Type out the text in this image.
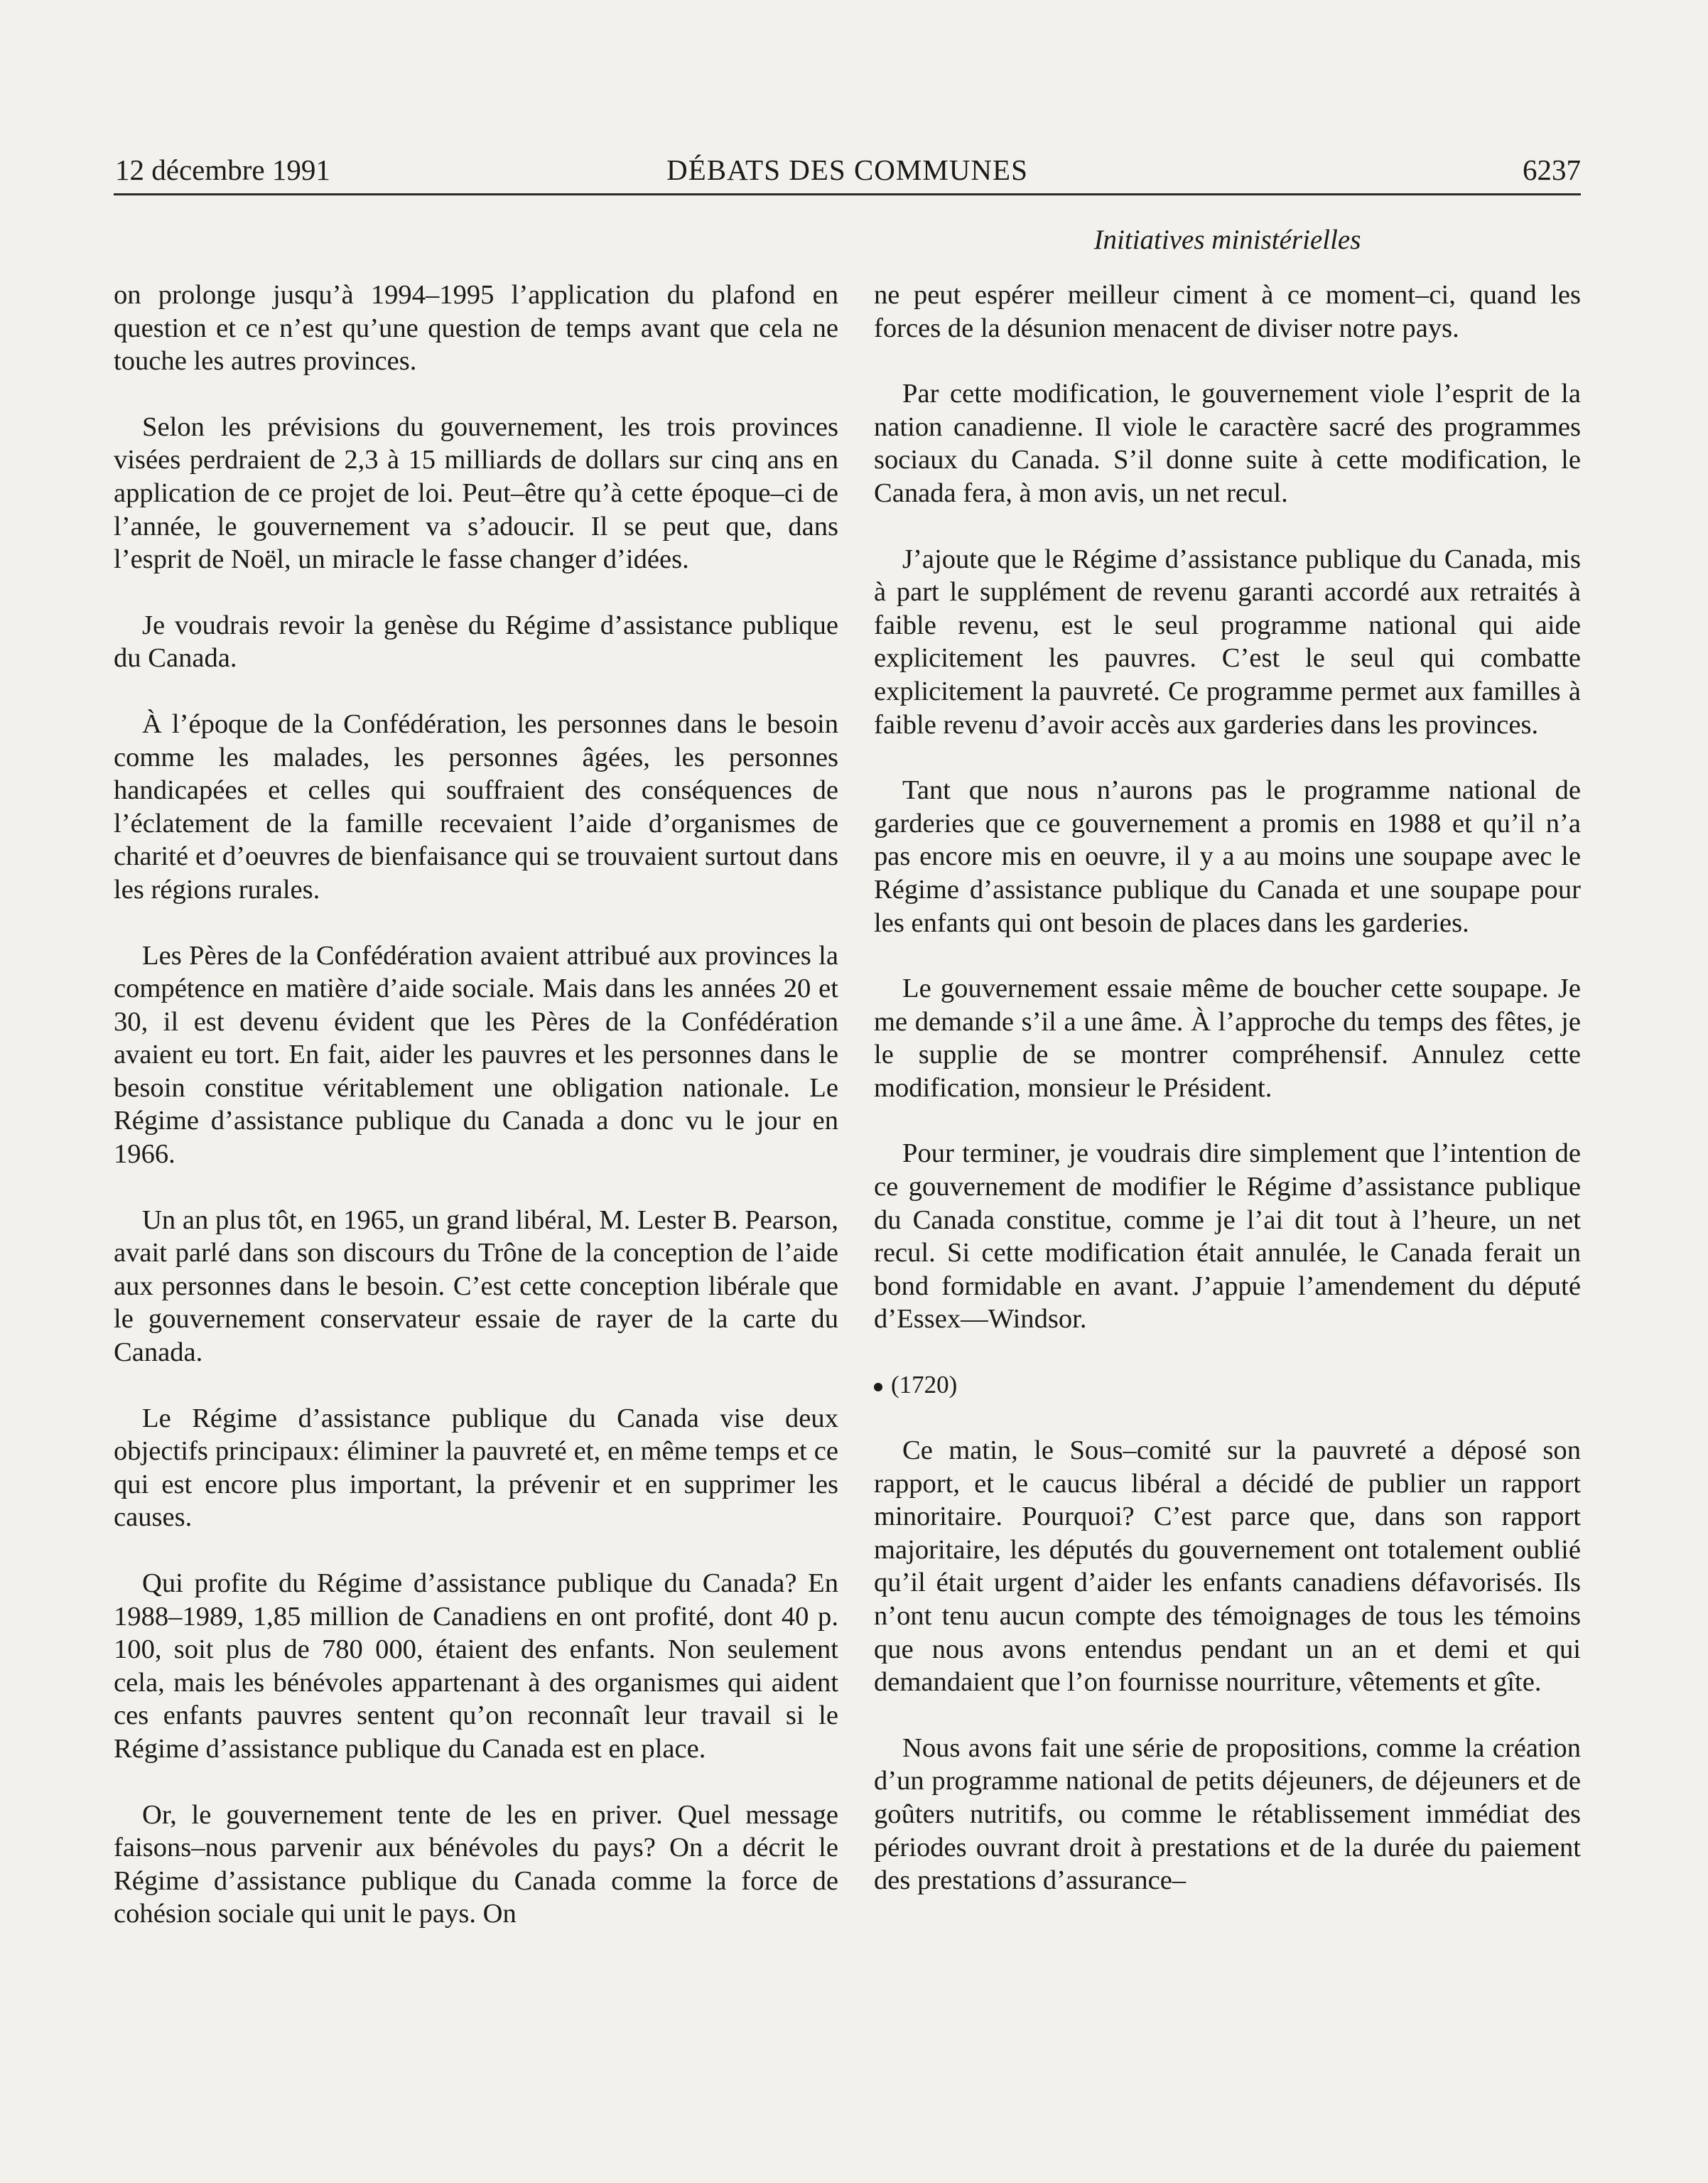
12 décembre 1991	DÉBATS DES COMMUNES	6237
Initiatives ministérielles

on prolonge jusqu’à 1994–1995 l’application du plafond en question et ce n’est qu’une question de temps avant que cela ne touche les autres provinces.

Selon les prévisions du gouvernement, les trois provinces visées perdraient de 2,3 à 15 milliards de dollars sur cinq ans en application de ce projet de loi. Peut–être qu’à cette époque–ci de l’année, le gouvernement va s’adoucir. Il se peut que, dans l’esprit de Noël, un miracle le fasse changer d’idées.

Je voudrais revoir la genèse du Régime d’assistance publique du Canada.

À l’époque de la Confédération, les personnes dans le besoin comme les malades, les personnes âgées, les personnes handicapées et celles qui souffraient des conséquences de l’éclatement de la famille recevaient l’aide d’organismes de charité et d’oeuvres de bienfaisance qui se trouvaient surtout dans les régions rurales.

Les Pères de la Confédération avaient attribué aux provinces la compétence en matière d’aide sociale. Mais dans les années 20 et 30, il est devenu évident que les Pères de la Confédération avaient eu tort. En fait, aider les pauvres et les personnes dans le besoin constitue véritablement une obligation nationale. Le Régime d’assistance publique du Canada a donc vu le jour en 1966.

Un an plus tôt, en 1965, un grand libéral, M. Lester B. Pearson, avait parlé dans son discours du Trône de la conception de l’aide aux personnes dans le besoin. C’est cette conception libérale que le gouvernement conservateur essaie de rayer de la carte du Canada.

Le Régime d’assistance publique du Canada vise deux objectifs principaux: éliminer la pauvreté et, en même temps et ce qui est encore plus important, la prévenir et en supprimer les causes.

Qui profite du Régime d’assistance publique du Canada? En 1988–1989, 1,85 million de Canadiens en ont profité, dont 40 p. 100, soit plus de 780 000, étaient des enfants. Non seulement cela, mais les bénévoles appartenant à des organismes qui aident ces enfants pauvres sentent qu’on reconnaît leur travail si le Régime d’assistance publique du Canada est en place.

Or, le gouvernement tente de les en priver. Quel message faisons–nous parvenir aux bénévoles du pays? On a décrit le Régime d’assistance publique du Canada comme la force de cohésion sociale qui unit le pays. On

ne peut espérer meilleur ciment à ce moment–ci, quand les forces de la désunion menacent de diviser notre pays.

Par cette modification, le gouvernement viole l’esprit de la nation canadienne. Il viole le caractère sacré des programmes sociaux du Canada. S’il donne suite à cette modification, le Canada fera, à mon avis, un net recul.

J’ajoute que le Régime d’assistance publique du Canada, mis à part le supplément de revenu garanti accordé aux retraités à faible revenu, est le seul programme national qui aide explicitement les pauvres. C’est le seul qui combatte explicitement la pauvreté. Ce programme permet aux familles à faible revenu d’avoir accès aux garderies dans les provinces.

Tant que nous n’aurons pas le programme national de garderies que ce gouvernement a promis en 1988 et qu’il n’a pas encore mis en oeuvre, il y a au moins une soupape avec le Régime d’assistance publique du Canada et une soupape pour les enfants qui ont besoin de places dans les garderies.

Le gouvernement essaie même de boucher cette soupape. Je me demande s’il a une âme. À l’approche du temps des fêtes, je le supplie de se montrer compréhensif. Annulez cette modification, monsieur le Président.

Pour terminer, je voudrais dire simplement que l’intention de ce gouvernement de modifier le Régime d’assistance publique du Canada constitue, comme je l’ai dit tout à l’heure, un net recul. Si cette modification était annulée, le Canada ferait un bond formidable en avant. J’appuie l’amendement du député d’Essex—Windsor.

(1720)

Ce matin, le Sous–comité sur la pauvreté a déposé son rapport, et le caucus libéral a décidé de publier un rapport minoritaire. Pourquoi? C’est parce que, dans son rapport majoritaire, les députés du gouvernement ont totalement oublié qu’il était urgent d’aider les enfants canadiens défavorisés. Ils n’ont tenu aucun compte des témoignages de tous les témoins que nous avons entendus pendant un an et demi et qui demandaient que l’on fournisse nourriture, vêtements et gîte.

Nous avons fait une série de propositions, comme la création d’un programme national de petits déjeuners, de déjeuners et de goûters nutritifs, ou comme le rétablissement immédiat des périodes ouvrant droit à prestations et de la durée du paiement des prestations d’assurance–
